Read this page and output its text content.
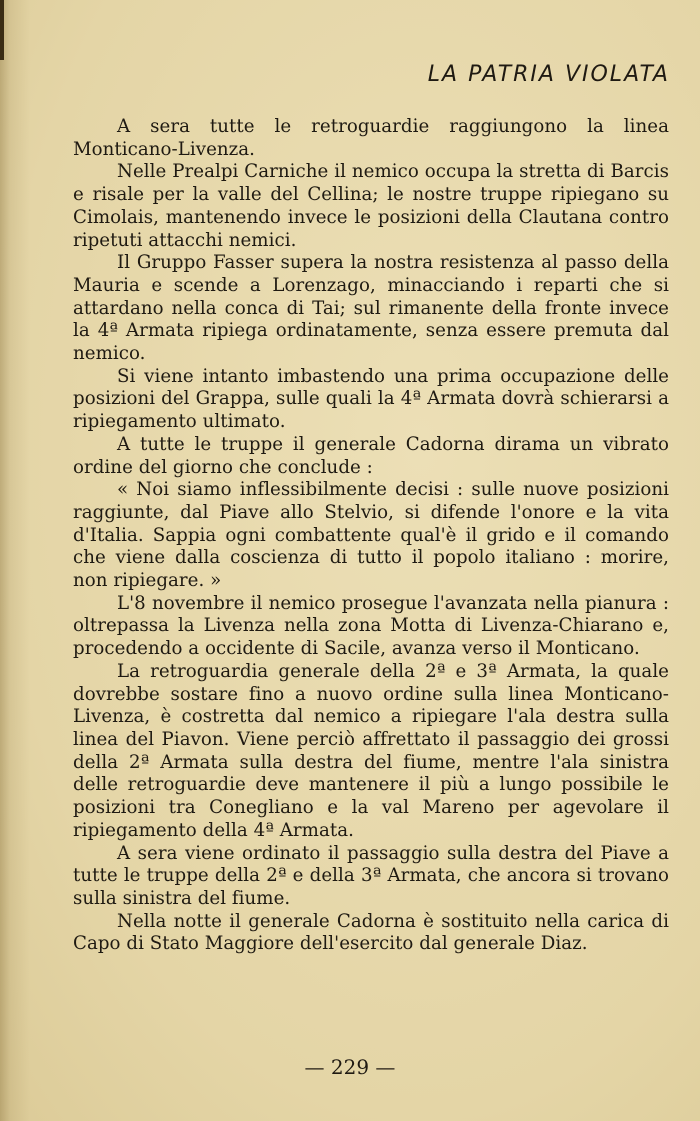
LA PATRIA VIOLATA

A sera tutte le retroguardie raggiungono la linea Monticano-Livenza.

Nelle Prealpi Carniche il nemico occupa la stretta di Barcis e risale per la valle del Cellina; le nostre truppe ripiegano su Cimolais, mantenendo invece le posizioni della Clautana contro ripetuti attacchi nemici.

Il Gruppo Fasser supera la nostra resistenza al passo della Mauria e scende a Lorenzago, minacciando i reparti che si attardano nella conca di Tai; sul rimanente della fronte invece la 4ª Armata ripiega ordinatamente, senza essere premuta dal nemico.

Si viene intanto imbastendo una prima occupazione delle posizioni del Grappa, sulle quali la 4ª Armata dovrà schierarsi a ripiegamento ultimato.

A tutte le truppe il generale Cadorna dirama un vibrato ordine del giorno che conclude :

« Noi siamo inflessibilmente decisi : sulle nuove posizioni raggiunte, dal Piave allo Stelvio, si difende l'onore e la vita d'Italia. Sappia ogni combattente qual'è il grido e il comando che viene dalla coscienza di tutto il popolo italiano : morire, non ripiegare. »

L'8 novembre il nemico prosegue l'avanzata nella pianura : oltrepassa la Livenza nella zona Motta di Livenza-Chiarano e, procedendo a occidente di Sacile, avanza verso il Monticano.

La retroguardia generale della 2ª e 3ª Armata, la quale dovrebbe sostare fino a nuovo ordine sulla linea Monticano-Livenza, è costretta dal nemico a ripiegare l'ala destra sulla linea del Piavon. Viene perciò affrettato il passaggio dei grossi della 2ª Armata sulla destra del fiume, mentre l'ala sinistra delle retroguardie deve mantenere il più a lungo possibile le posizioni tra Conegliano e la val Mareno per agevolare il ripiegamento della 4ª Armata.

A sera viene ordinato il passaggio sulla destra del Piave a tutte le truppe della 2ª e della 3ª Armata, che ancora si trovano sulla sinistra del fiume.

Nella notte il generale Cadorna è sostituito nella carica di Capo di Stato Maggiore dell'esercito dal generale Diaz.

— 229 —
